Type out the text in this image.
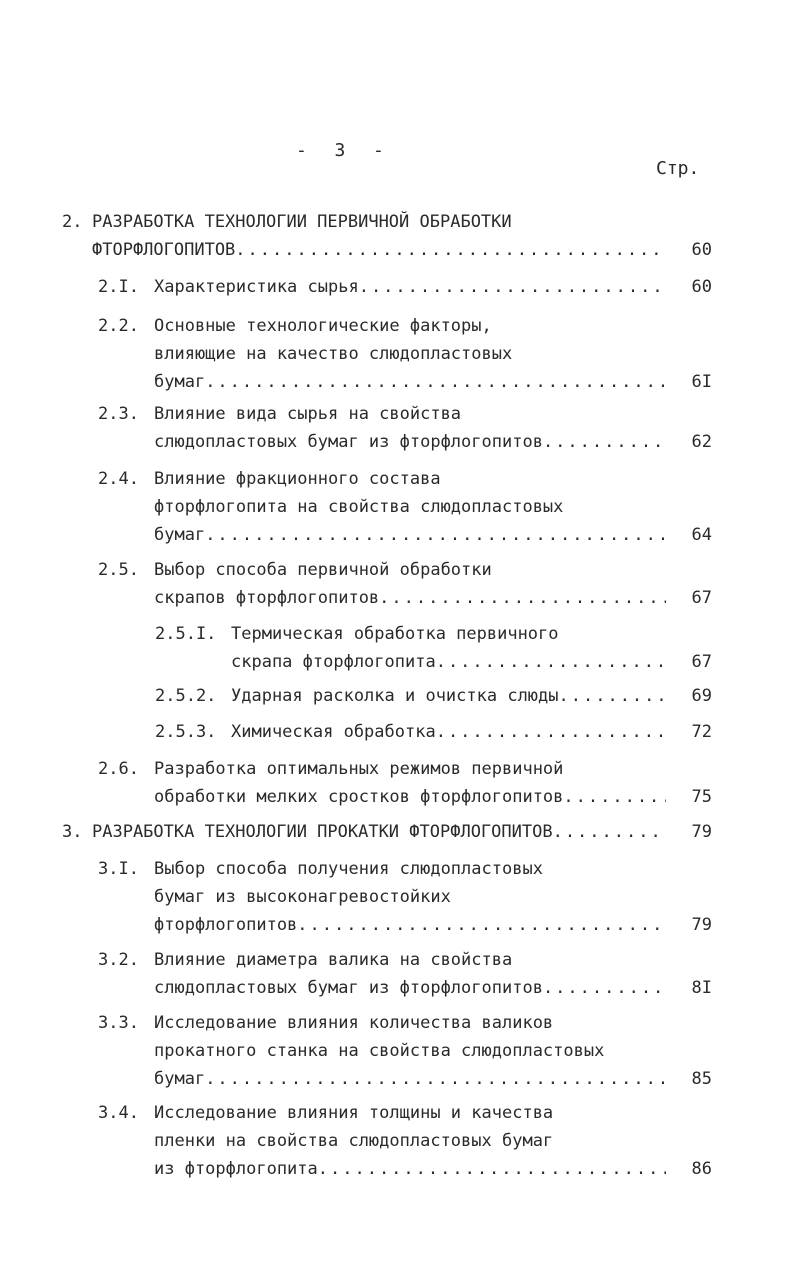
-  3  -
Стр.
2. РАЗРАБОТКА ТЕХНОЛОГИИ ПЕРВИЧНОЙ ОБРАБОТКИ
ФТОРФЛОГОПИТОВ .....	60
2.I. Характеристика сырья .....	60
2.2. Основные технологические факторы,
влияющие на качество слюдопластовых
бумаг .....	6I
2.3. Влияние вида сырья на свойства
слюдопластовых бумаг из фторфлогопитов .....	62
2.4. Влияние фракционного состава
фторфлогопита на свойства слюдопластовых
бумаг .....	64
2.5. Выбор способа первичной обработки
скрапов фторфлогопитов .....	67
2.5.I. Термическая обработка первичного
скрапа фторфлогопита .....	67
2.5.2. Ударная расколка и очистка слюды .....	69
2.5.3. Химическая обработка .....	72
2.6. Разработка оптимальных режимов первичной
обработки мелких сростков фторфлогопитов .....	75
3. РАЗРАБОТКА ТЕХНОЛОГИИ ПРОКАТКИ ФТОРФЛОГОПИТОВ .....	79
3.I. Выбор способа получения слюдопластовых
бумаг из высоконагревостойких
фторфлогопитов .....	79
3.2. Влияние диаметра валика на свойства
слюдопластовых бумаг из фторфлогопитов .....	8I
3.3. Исследование влияния количества валиков
прокатного станка на свойства слюдопластовых
бумаг .....	85
3.4. Исследование влияния толщины и качества
пленки на свойства слюдопластовых бумаг
из фторфлогопита .....	86
